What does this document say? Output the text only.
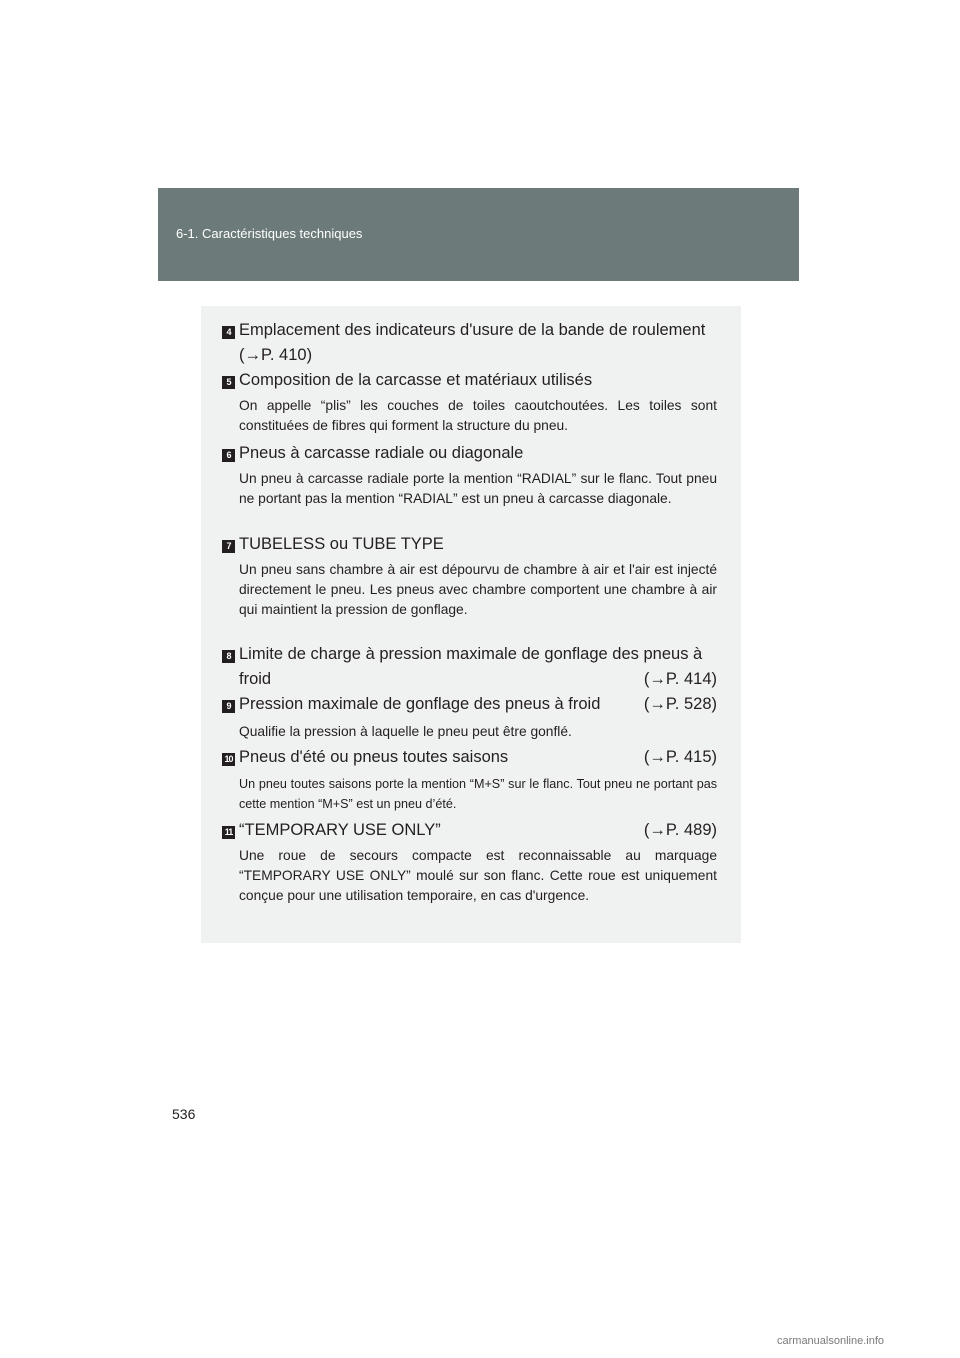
6-1. Caractéristiques techniques
4 Emplacement des indicateurs d'usure de la bande de roulement
(→P. 410)
5 Composition de la carcasse et matériaux utilisés
On appelle “plis” les couches de toiles caoutchoutées. Les toiles sont constituées de fibres qui forment la structure du pneu.
6 Pneus à carcasse radiale ou diagonale
Un pneu à carcasse radiale porte la mention “RADIAL” sur le flanc. Tout pneu ne portant pas la mention “RADIAL” est un pneu à carcasse diagonale.
7 TUBELESS ou TUBE TYPE
Un pneu sans chambre à air est dépourvu de chambre à air et l'air est injecté directement le pneu. Les pneus avec chambre comportent une chambre à air qui maintient la pression de gonflage.
8 Limite de charge à pression maximale de gonflage des pneus à froid	(→P. 414)
9 Pression maximale de gonflage des pneus à froid	(→P. 528)
Qualifie la pression à laquelle le pneu peut être gonflé.
10 Pneus d'été ou pneus toutes saisons	(→P. 415)
Un pneu toutes saisons porte la mention “M+S” sur le flanc. Tout pneu ne portant pas cette mention “M+S” est un pneu d’été.
11 “TEMPORARY USE ONLY”	(→P. 489)
Une roue de secours compacte est reconnaissable au marquage “TEMPORARY USE ONLY” moulé sur son flanc. Cette roue est uniquement conçue pour une utilisation temporaire, en cas d'urgence.
536
carmanualsonline.info
